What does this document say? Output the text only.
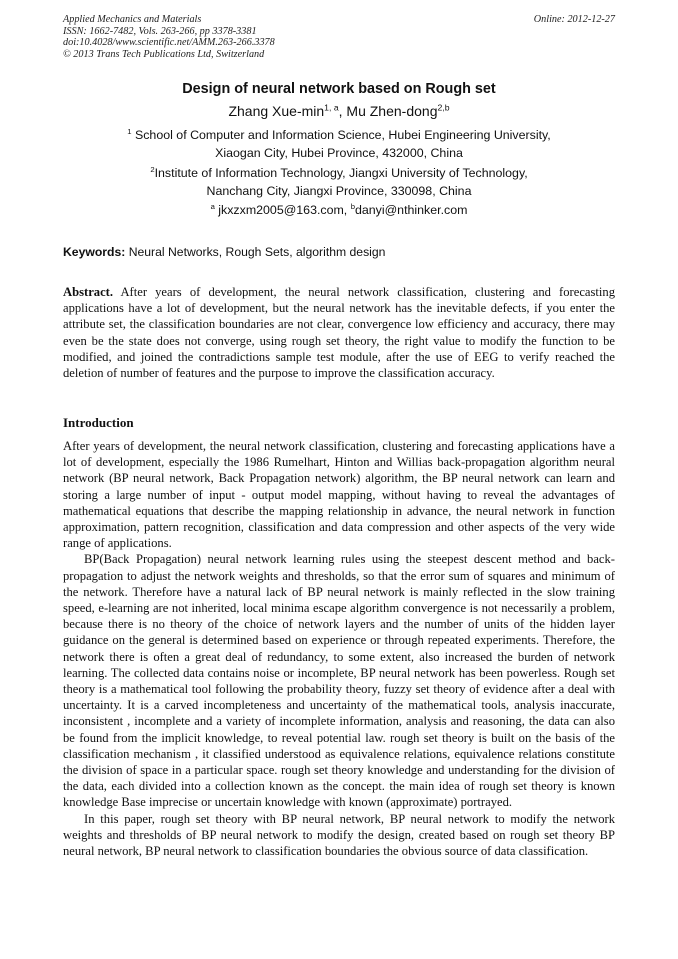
Applied Mechanics and Materials
ISSN: 1662-7482, Vols. 263-266, pp 3378-3381
doi:10.4028/www.scientific.net/AMM.263-266.3378
© 2013 Trans Tech Publications Ltd, Switzerland
Online: 2012-12-27
Design of neural network based on Rough set
Zhang Xue-$\min^{1, a}$, Mu Zhen-dong$^{2,b}$
$^1$ School of Computer and Information Science, Hubei Engineering University,
Xiaogan City, Hubei Province, 432000, China
$^2$Institute of Information Technology, Jiangxi University of Technology,
Nanchang City, Jiangxi Province, 330098, China
$^a$ jkxzxm2005@163.com, $^b$danyi@nthinker.com
Keywords: Neural Networks, Rough Sets, algorithm design
Abstract. After years of development, the neural network classification, clustering and forecasting applications have a lot of development, but the neural network has the inevitable defects, if you enter the attribute set, the classification boundaries are not clear, convergence low efficiency and accuracy, there may even be the state does not converge, using rough set theory, the right value to modify the function to be modified, and joined the contradictions sample test module, after the use of EEG to verify reached the deletion of number of features and the purpose to improve the classification accuracy.
Introduction
After years of development, the neural network classification, clustering and forecasting applications have a lot of development, especially the 1986 Rumelhart, Hinton and Willias back-propagation algorithm neural network (BP neural network, Back Propagation network) algorithm, the BP neural network can learn and storing a large number of input - output model mapping, without having to reveal the advantages of mathematical equations that describe the mapping relationship in advance, the neural network in function approximation, pattern recognition, classification and data compression and other aspects of the very wide range of applications.
BP(Back Propagation) neural network learning rules using the steepest descent method and back-propagation to adjust the network weights and thresholds, so that the error sum of squares and minimum of the network. Therefore have a natural lack of BP neural network is mainly reflected in the slow training speed, e-learning are not inherited, local minima escape algorithm convergence is not necessarily a problem, because there is no theory of the choice of network layers and the number of units of the hidden layer guidance on the general is determined based on experience or through repeated experiments. Therefore, the network there is often a great deal of redundancy, to some extent, also increased the burden of network learning. The collected data contains noise or incomplete, BP neural network has been powerless. Rough set theory is a mathematical tool following the probability theory, fuzzy set theory of evidence after a deal with uncertainty. It is a carved incompleteness and uncertainty of the mathematical tools, analysis inaccurate, inconsistent , incomplete and a variety of incomplete information, analysis and reasoning, the data can also be found from the implicit knowledge, to reveal potential law. rough set theory is built on the basis of the classification mechanism , it classified understood as equivalence relations, equivalence relations constitute the division of space in a particular space. rough set theory knowledge and understanding for the division of the data, each divided into a collection known as the concept. the main idea of rough set theory is known knowledge Base imprecise or uncertain knowledge with known (approximate) portrayed.
In this paper, rough set theory with BP neural network, BP neural network to modify the network weights and thresholds of BP neural network to modify the design, created based on rough set theory BP neural network, BP neural network to classification boundaries the obvious source of data classification.
